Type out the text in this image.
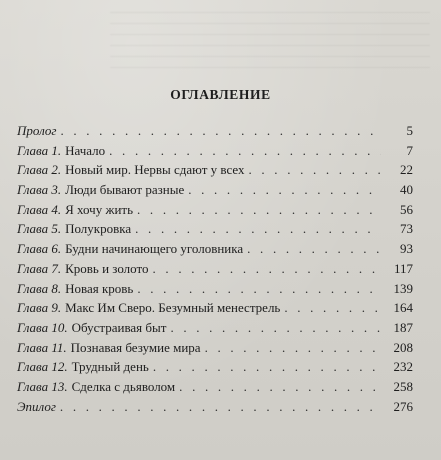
ОГЛАВЛЕНИЕ
Пролог . . .	5
Глава 1. Начало . . .	7
Глава 2. Новый мир. Нервы сдают у всех . . .	22
Глава 3. Люди бывают разные . . .	40
Глава 4. Я хочу жить . . .	56
Глава 5. Полукровка . . .	73
Глава 6. Будни начинающего уголовника . . .	93
Глава 7. Кровь и золото . . .	117
Глава 8. Новая кровь . . .	139
Глава 9. Макс Им Сверо. Безумный менестрель . . .	164
Глава 10. Обустраивая быт . . .	187
Глава 11. Познавая безумие мира . . .	208
Глава 12. Трудный день . . .	232
Глава 13. Сделка с дьяволом . . .	258
Эпилог . . .	276
